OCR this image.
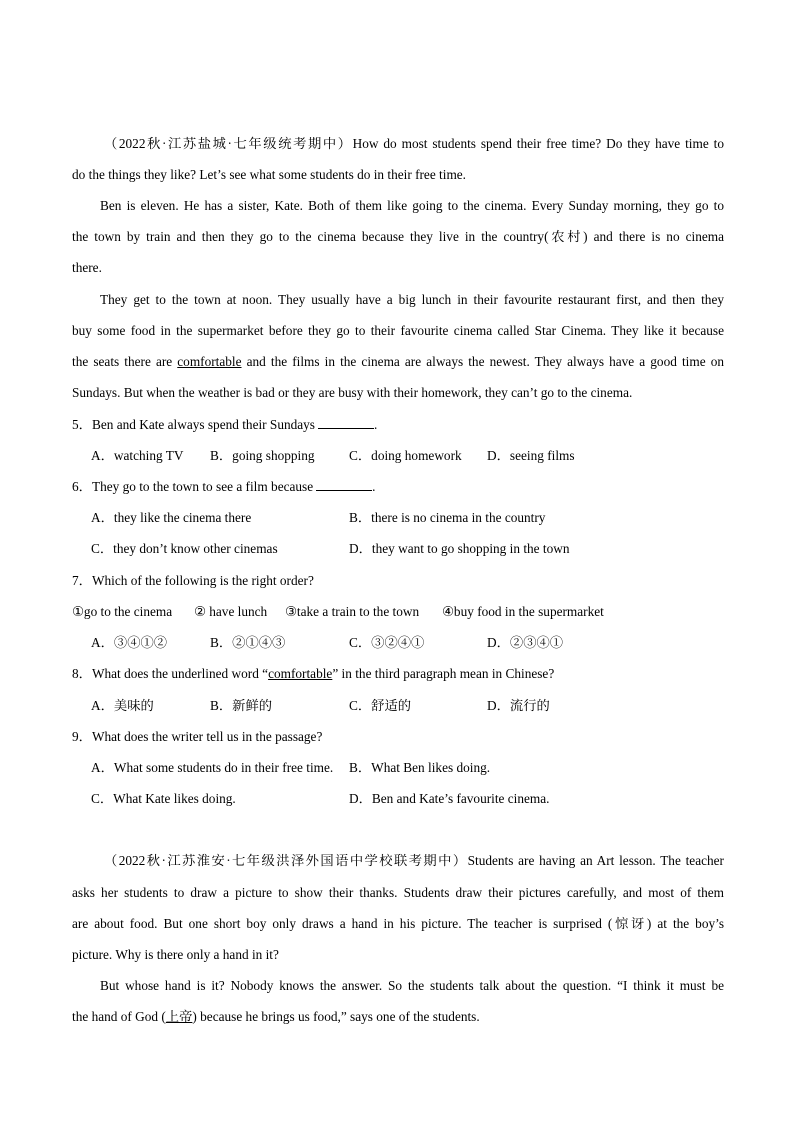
（2022秋·江苏盐城·七年级统考期中）How do most students spend their free time? Do they have time to
do the things they like? Let’s see what some students do in their free time.
Ben is eleven. He has a sister, Kate. Both of them like going to the cinema. Every Sunday morning, they go to
the town by train and then they go to the cinema because they live in the country(农村) and there is no cinema
there.
They get to the town at noon. They usually have a big lunch in their favourite restaurant first, and then they
buy some food in the supermarket before they go to their favourite cinema called Star Cinema. They like it because
the seats there are comfortable and the films in the cinema are always the newest. They always have a good time on
Sundays. But when the weather is bad or they are busy with their homework, they can’t go to the cinema.
5．Ben and Kate always spend their Sundays	.
A．watching TV B．going shopping	C．doing homework D．seeing films
6．They go to the town to see a film because	.
A．they like the cinema there	B．there is no cinema in the country
C．they don’t know other cinemas	D．they want to go shopping in the town
7．Which of the following is the right order?
①go to the cinema ② have lunch ③take a train to the town ④buy food in the supermarket
A．③④①②	B．②①④③	C．③②④①	D．②③④①
8．What does the underlined word “comfortable” in the third paragraph mean in Chinese?
A．美味的	B．新鲜的	C．舒适的	D．流行的
9．What does the writer tell us in the passage?
A．What some students do in their free time. B．What Ben likes doing.
C．What Kate likes doing.	D．Ben and Kate’s favourite cinema.
（2022秋·江苏淮安·七年级洪泽外国语中学校联考期中）Students are having an Art lesson. The teacher
asks her students to draw a picture to show their thanks. Students draw their pictures carefully, and most of them
are about food. But one short boy only draws a hand in his picture. The teacher is surprised (惊讶) at the boy’s
picture. Why is there only a hand in it?
But whose hand is it? Nobody knows the answer. So the students talk about the question. “I think it must be
the hand of God (上帝) because he brings us food,” says one of the students.
